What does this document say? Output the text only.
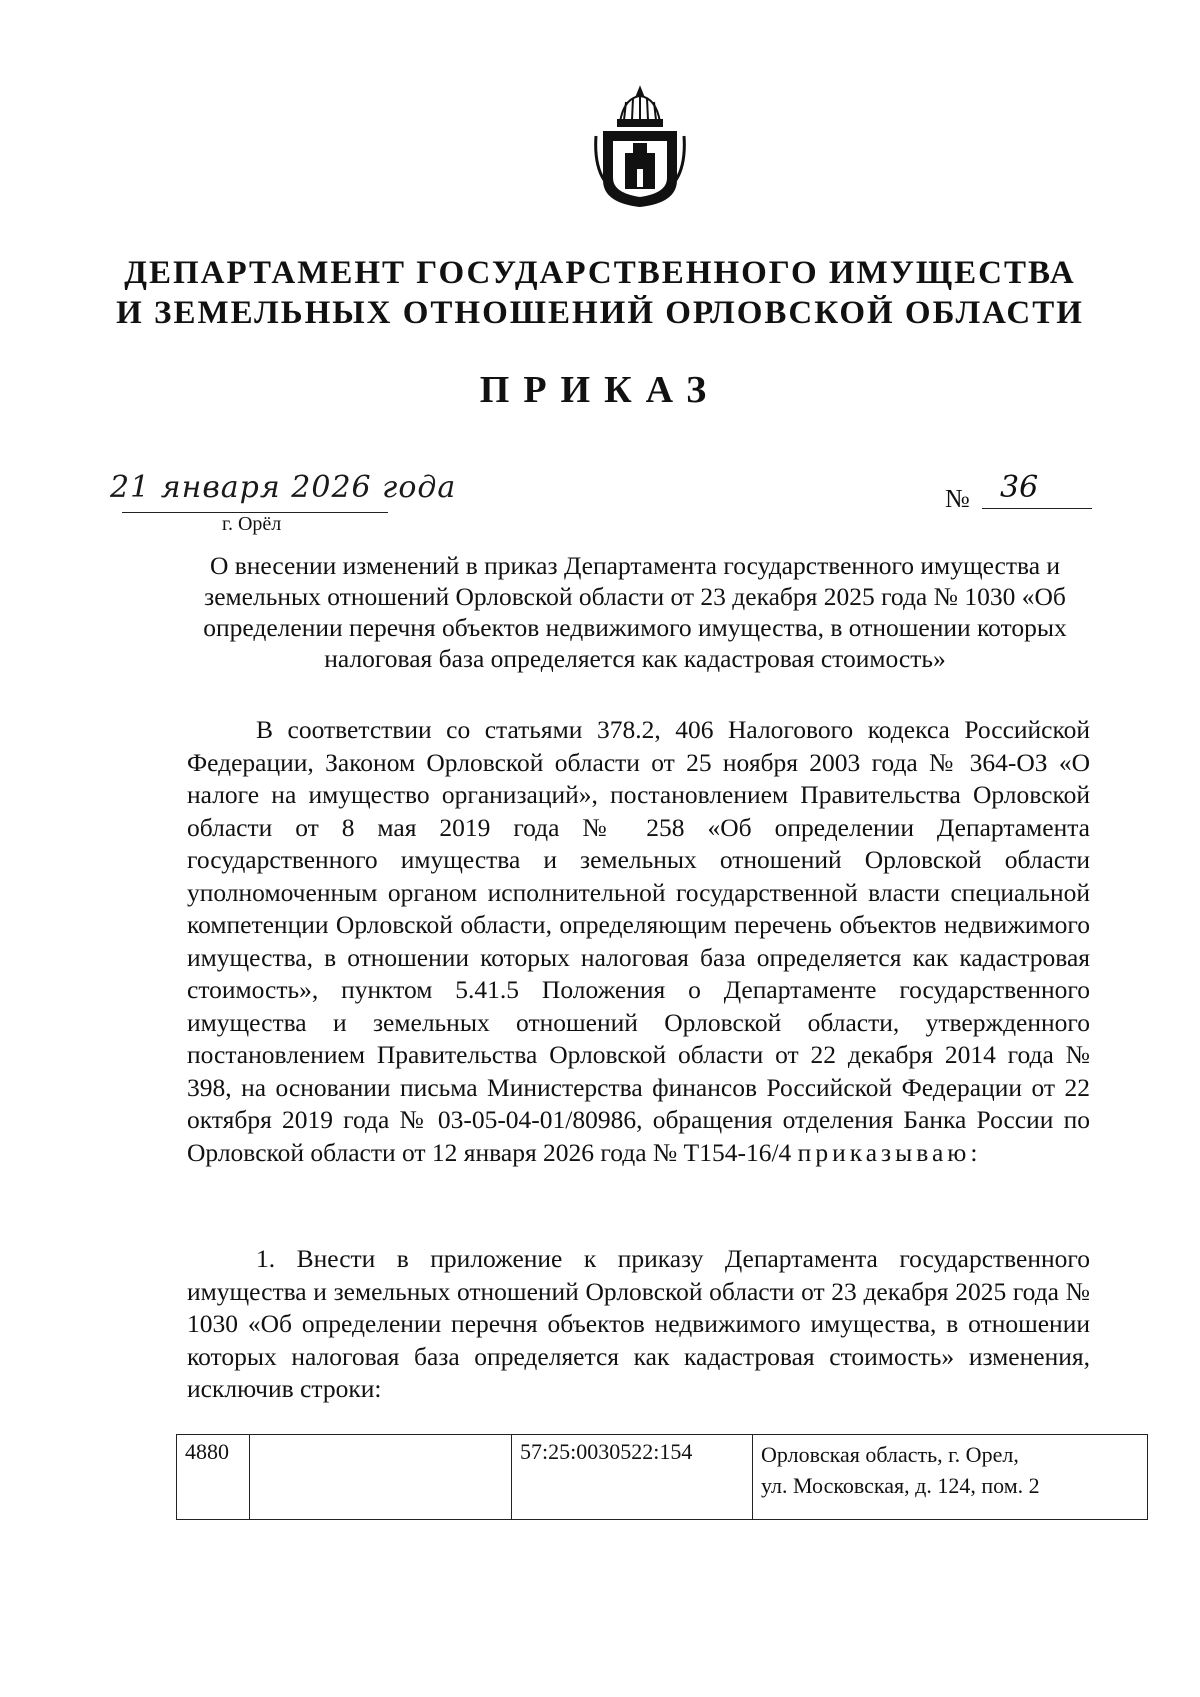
ДЕПАРТАМЕНТ ГОСУДАРСТВЕННОГО ИМУЩЕСТВА
И ЗЕМЕЛЬНЫХ ОТНОШЕНИЙ ОРЛОВСКОЙ ОБЛАСТИ
ПРИКАЗ
21 января 2026 года
г. Орёл
№ 36
О внесении изменений в приказ Департамента государственного имущества и земельных отношений Орловской области от 23 декабря 2025 года № 1030 «Об определении перечня объектов недвижимого имущества, в отношении которых налоговая база определяется как кадастровая стоимость»
В соответствии со статьями 378.2, 406 Налогового кодекса Российской Федерации, Законом Орловской области от 25 ноября 2003 года № 364-ОЗ «О налоге на имущество организаций», постановлением Правительства Орловской области от 8 мая 2019 года № 258 «Об определении Департамента государственного имущества и земельных отношений Орловской области уполномоченным органом исполнительной государственной власти специальной компетенции Орловской области, определяющим перечень объектов недвижимого имущества, в отношении которых налоговая база определяется как кадастровая стоимость», пунктом 5.41.5 Положения о Департаменте государственного имущества и земельных отношений Орловской области, утвержденного постановлением Правительства Орловской области от 22 декабря 2014 года № 398, на основании письма Министерства финансов Российской Федерации от 22 октября 2019 года № 03-05-04-01/80986, обращения отделения Банка России по Орловской области от 12 января 2026 года № Т154-16/4 приказываю:
1. Внести в приложение к приказу Департамента государственного имущества и земельных отношений Орловской области от 23 декабря 2025 года № 1030 «Об определении перечня объектов недвижимого имущества, в отношении которых налоговая база определяется как кадастровая стоимость» изменения, исключив строки:
4880		57:25:0030522:154	Орловская область, г. Орел,
ул. Московская, д. 124, пом. 2
